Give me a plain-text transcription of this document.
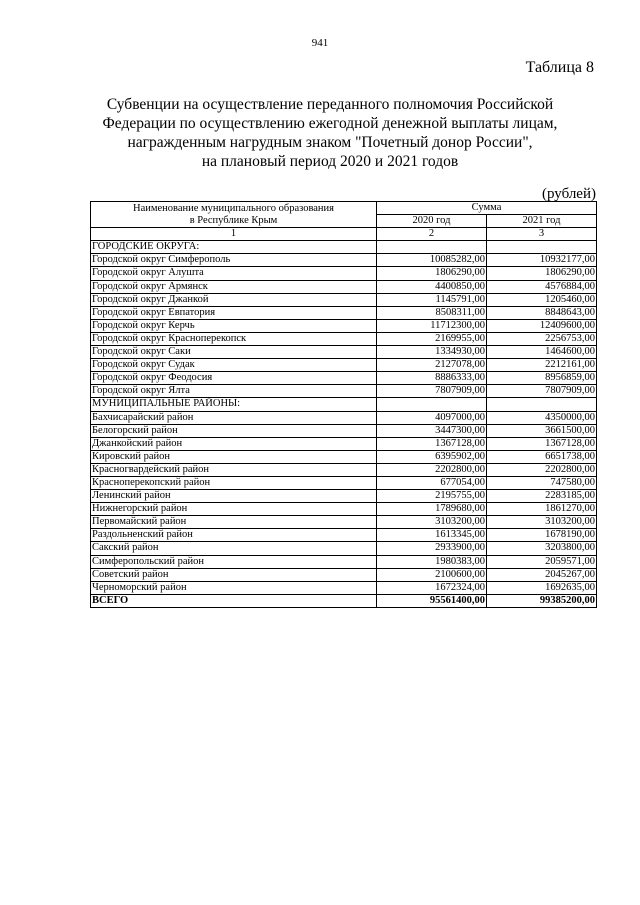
941
Таблица 8
Субвенции на осуществление переданного полномочия Российской
Федерации по осуществлению ежегодной денежной выплаты лицам,
награжденным нагрудным знаком "Почетный донор России",
на плановый период 2020 и 2021 годов
(рублей)
Наименование муниципального образования
в Республике Крым	Сумма	
	2020 год	2021 год
1	2	3
ГОРОДСКИЕ ОКРУГА:		
Городской округ Симферополь	10085282,00	10932177,00
Городской округ Алушта	1806290,00	1806290,00
Городской округ Армянск	4400850,00	4576884,00
Городской округ Джанкой	1145791,00	1205460,00
Городской округ Евпатория	8508311,00	8848643,00
Городской округ Керчь	11712300,00	12409600,00
Городской округ Красноперекопск	2169955,00	2256753,00
Городской округ Саки	1334930,00	1464600,00
Городской округ Судак	2127078,00	2212161,00
Городской округ Феодосия	8886333,00	8956859,00
Городской округ Ялта	7807909,00	7807909,00
МУНИЦИПАЛЬНЫЕ РАЙОНЫ:		
Бахчисарайский район	4097000,00	4350000,00
Белогорский район	3447300,00	3661500,00
Джанкойский район	1367128,00	1367128,00
Кировский район	6395902,00	6651738,00
Красногвардейский район	2202800,00	2202800,00
Красноперекопский район	677054,00	747580,00
Ленинский район	2195755,00	2283185,00
Нижнегорский район	1789680,00	1861270,00
Первомайский район	3103200,00	3103200,00
Раздольненский район	1613345,00	1678190,00
Сакский район	2933900,00	3203800,00
Симферопольский район	1980383,00	2059571,00
Советский район	2100600,00	2045267,00
Черноморский район	1672324,00	1692635,00
ВСЕГО	95561400,00	99385200,00
